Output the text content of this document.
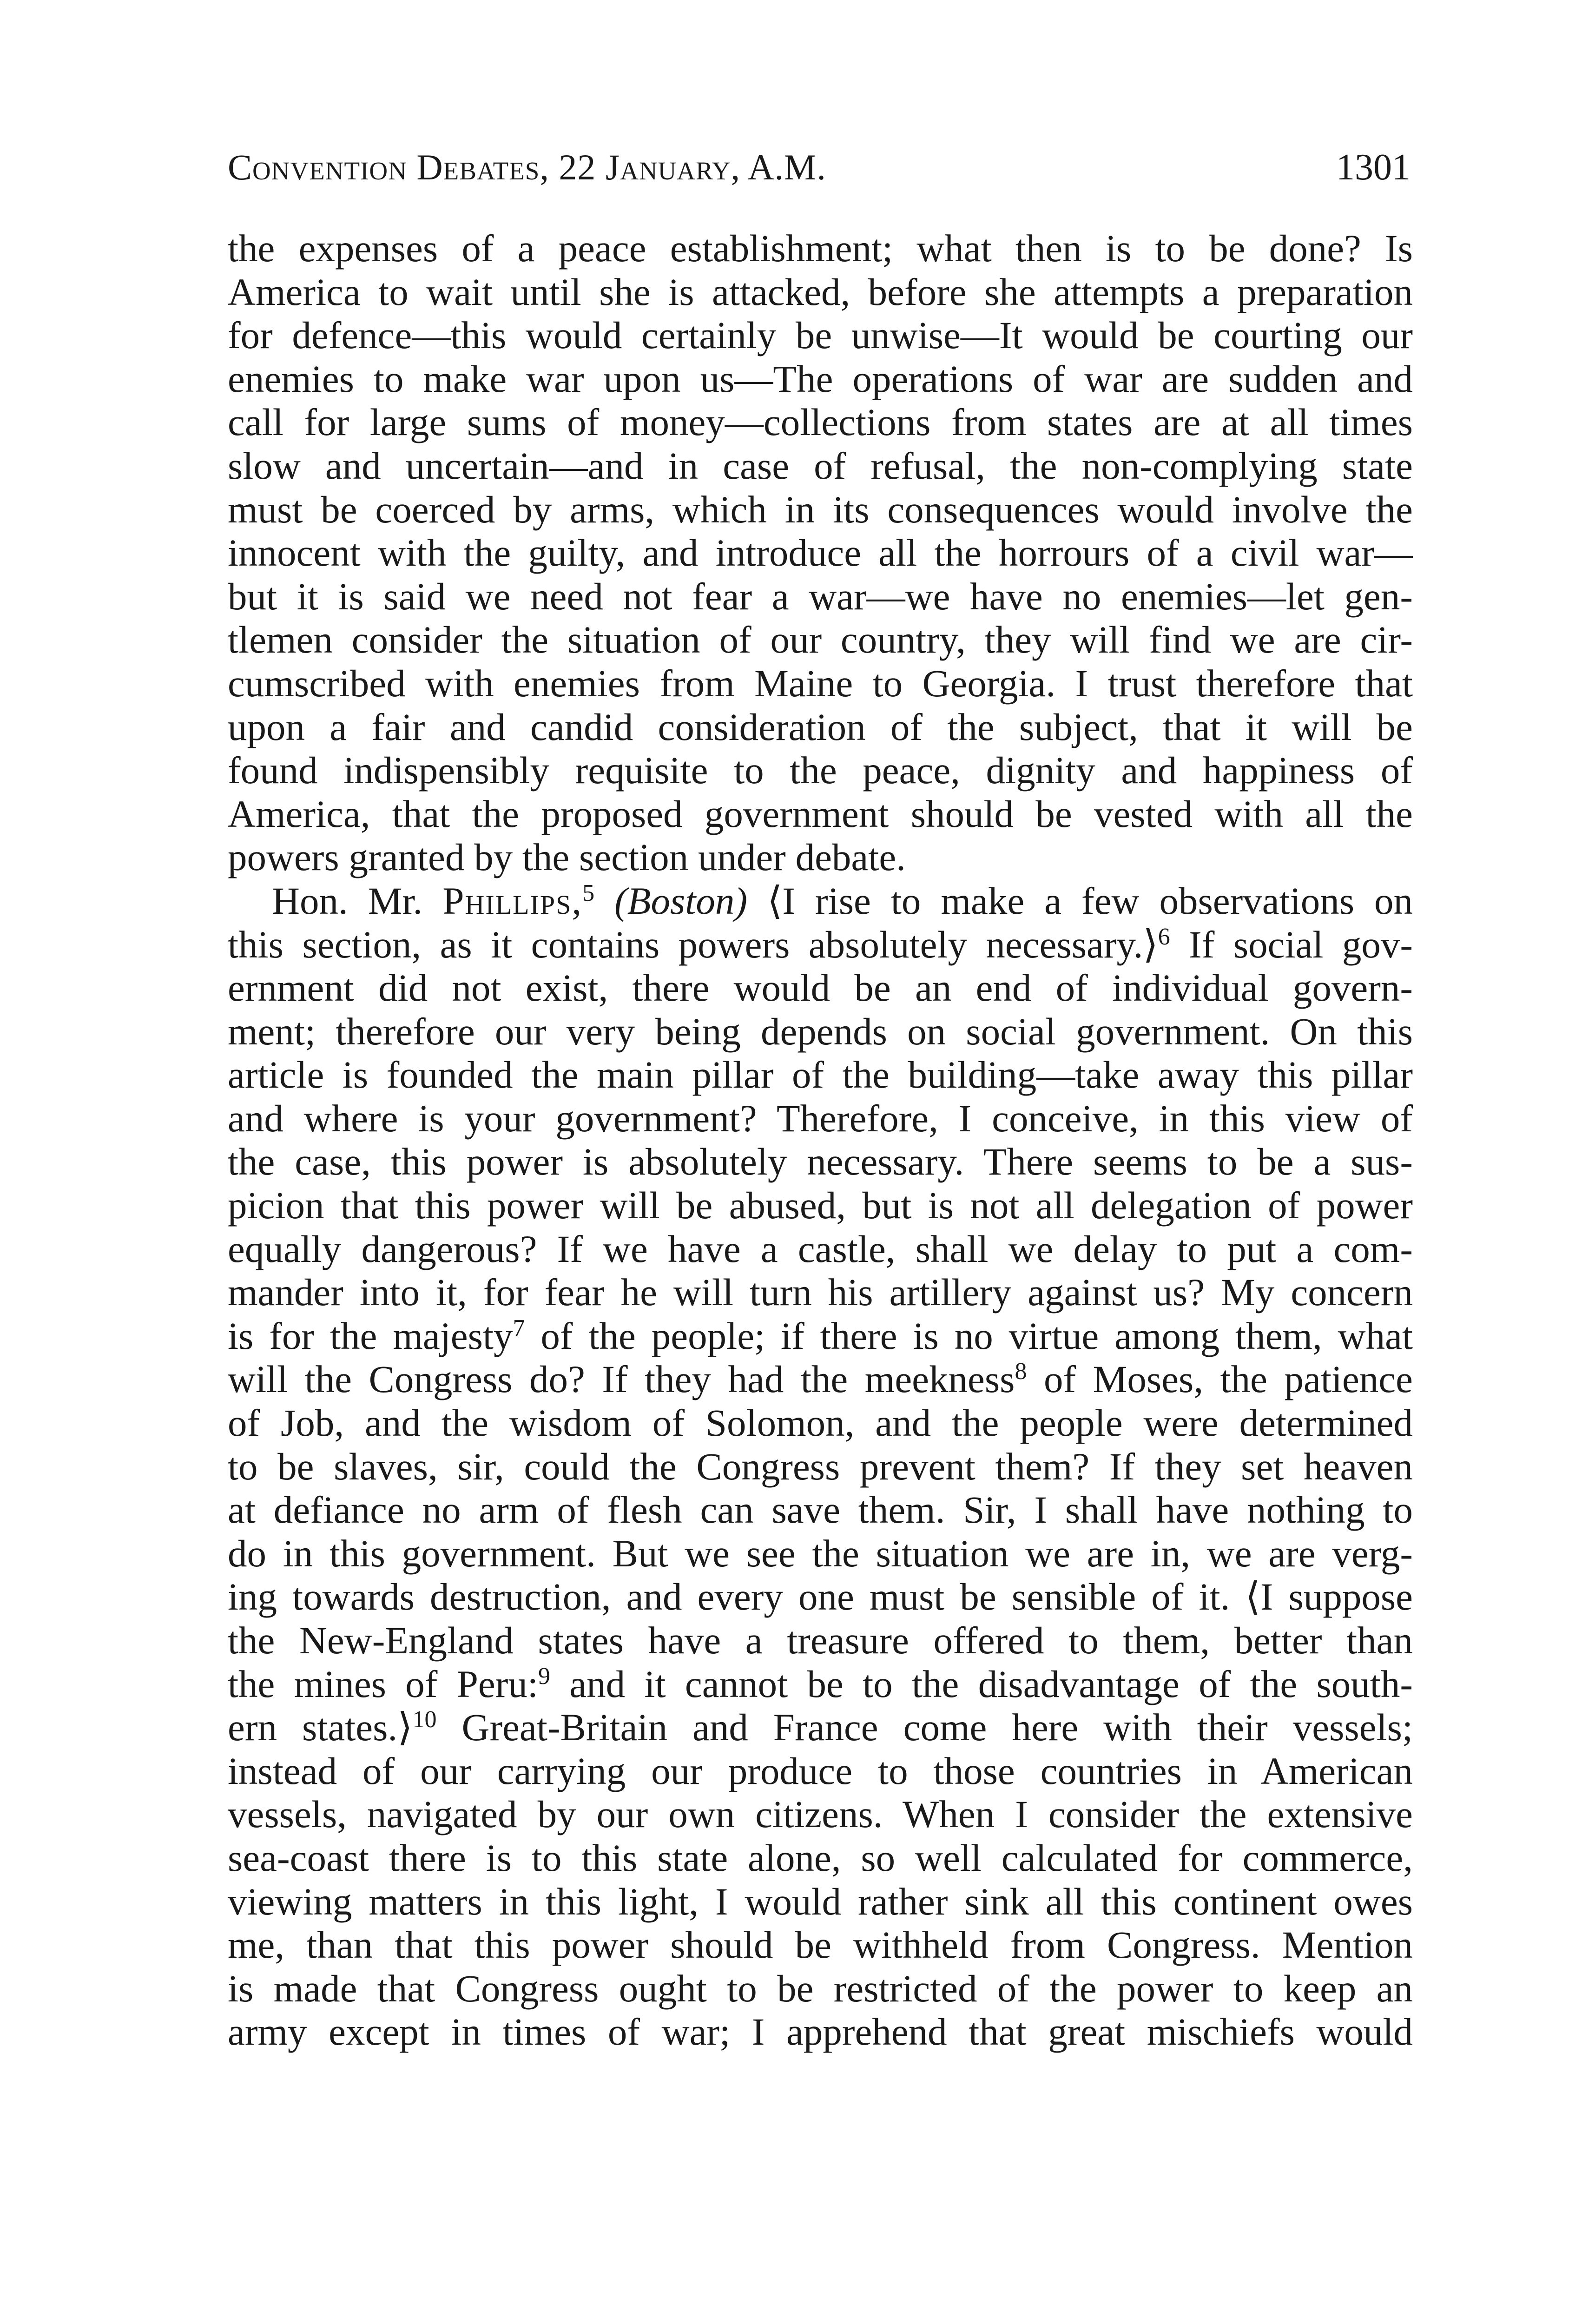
Convention Debates, 22 January, A.M.	1301
the expenses of a peace establishment; what then is to be done? Is
America to wait until she is attacked, before she attempts a preparation
for defence—this would certainly be unwise—It would be courting our
enemies to make war upon us—The operations of war are sudden and
call for large sums of money—collections from states are at all times
slow and uncertain—and in case of refusal, the non-complying state
must be coerced by arms, which in its consequences would involve the
innocent with the guilty, and introduce all the horrours of a civil war—
but it is said we need not fear a war—we have no enemies—let gen-
tlemen consider the situation of our country, they will find we are cir-
cumscribed with enemies from Maine to Georgia. I trust therefore that
upon a fair and candid consideration of the subject, that it will be
found indispensibly requisite to the peace, dignity and happiness of
America, that the proposed government should be vested with all the
powers granted by the section under debate.
Hon. Mr. Phillips,$^5$ (Boston) ⟨I rise to make a few observations on
this section, as it contains powers absolutely necessary.⟩$^6$ If social gov-
ernment did not exist, there would be an end of individual govern-
ment; therefore our very being depends on social government. On this
article is founded the main pillar of the building—take away this pillar
and where is your government? Therefore, I conceive, in this view of
the case, this power is absolutely necessary. There seems to be a sus-
picion that this power will be abused, but is not all delegation of power
equally dangerous? If we have a castle, shall we delay to put a com-
mander into it, for fear he will turn his artillery against us? My concern
is for the majesty$^7$ of the people; if there is no virtue among them, what
will the Congress do? If they had the meekness$^8$ of Moses, the patience
of Job, and the wisdom of Solomon, and the people were determined
to be slaves, sir, could the Congress prevent them? If they set heaven
at defiance no arm of flesh can save them. Sir, I shall have nothing to
do in this government. But we see the situation we are in, we are verg-
ing towards destruction, and every one must be sensible of it. ⟨I suppose
the New-England states have a treasure offered to them, better than
the mines of Peru:$^9$ and it cannot be to the disadvantage of the south-
ern states.⟩$^{10}$ Great-Britain and France come here with their vessels;
instead of our carrying our produce to those countries in American
vessels, navigated by our own citizens. When I consider the extensive
sea-coast there is to this state alone, so well calculated for commerce,
viewing matters in this light, I would rather sink all this continent owes
me, than that this power should be withheld from Congress. Mention
is made that Congress ought to be restricted of the power to keep an
army except in times of war; I apprehend that great mischiefs would
